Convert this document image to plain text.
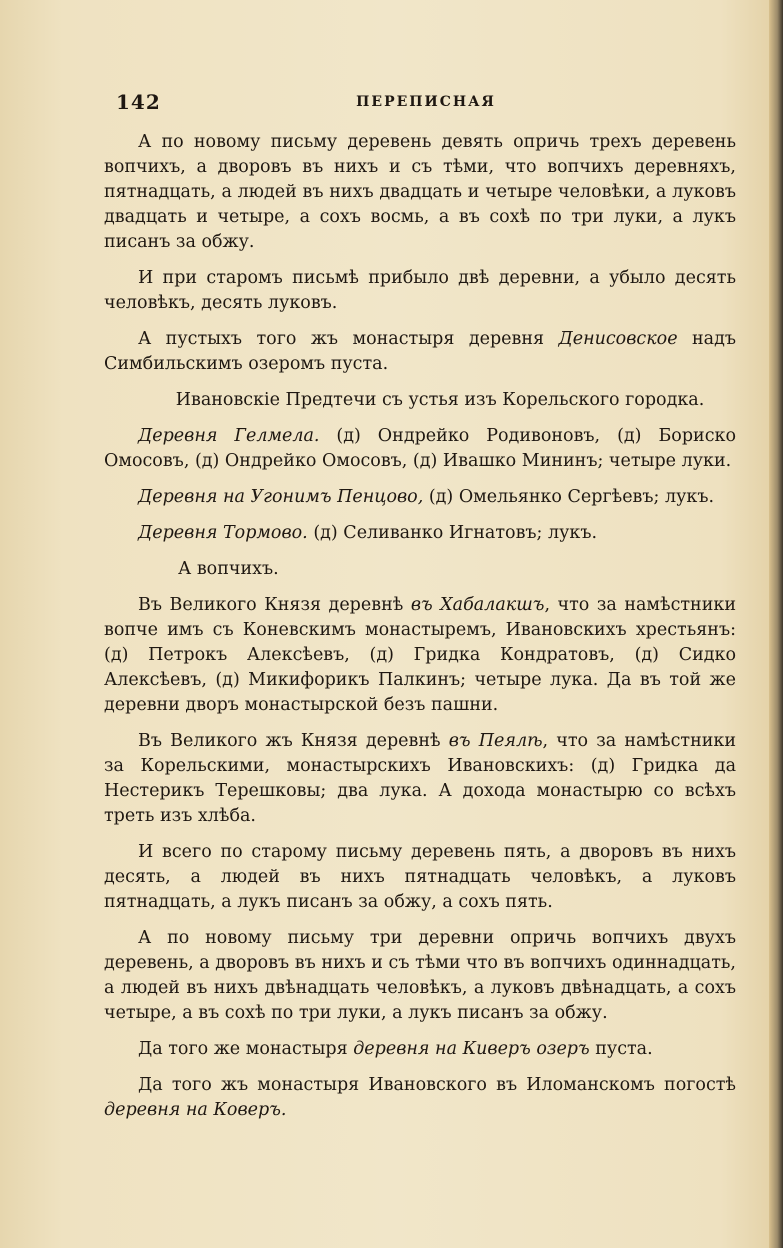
142	ПЕРЕПИСНАЯ

А по новому письму деревень девять опричь трехъ деревень вопчихъ, а дворовъ въ нихъ и съ тѣми, что вопчихъ деревняхъ, пятнадцать, а людей въ нихъ двадцать и четыре человѣки, а луковъ двадцать и четыре, а сохъ восмь, а въ сохѣ по три луки, а лукъ писанъ за обжу.

И при старомъ письмѣ прибыло двѣ деревни, а убыло десять человѣкъ, десять луковъ.

А пустыхъ того жъ монастыря деревня Денисовское надъ Симбильскимъ озеромъ пуста.

Ивановскіе Предтечи съ устья изъ Корельского городка.

Деревня Гелмела. (д) Ондрейко Родивоновъ, (д) Бориско Омосовъ, (д) Ондрейко Омосовъ, (д) Ивашко Мининъ; четыре луки.

Деревня на Угонимъ Пенцово, (д) Омельянко Сергѣевъ; лукъ.

Деревня Тормово. (д) Селиванко Игнатовъ; лукъ.

А вопчихъ.

Въ Великого Князя деревнѣ въ Хабалакшъ, что за намѣстники вопче имъ съ Коневскимъ монастыремъ, Ивановскихъ хрестьянъ: (д) Петрокъ Алексѣевъ, (д) Гридка Кондратовъ, (д) Сидко Алексѣевъ, (д) Микифорикъ Палкинъ; четыре лука. Да въ той же деревни дворъ монастырской безъ пашни.

Въ Великого жъ Князя деревнѣ въ Пеялѣ, что за намѣстники за Корельскими, монастырскихъ Ивановскихъ: (д) Гридка да Нестерикъ Терешковы; два лука. А дохода монастырю со всѣхъ треть изъ хлѣба.

И всего по старому письму деревень пять, а дворовъ въ нихъ десять, а людей въ нихъ пятнадцать человѣкъ, а луковъ пятнадцать, а лукъ писанъ за обжу, а сохъ пять.

А по новому письму три деревни опричь вопчихъ двухъ деревень, а дворовъ въ нихъ и съ тѣми что въ вопчихъ одиннадцать, а людей въ нихъ двѣнадцать человѣкъ, а луковъ двѣнадцать, а сохъ четыре, а въ сохѣ по три луки, а лукъ писанъ за обжу.

Да того же монастыря деревня на Киверъ озеръ пуста.

Да того жъ монастыря Ивановского въ Иломанскомъ погостѣ деревня на Коверъ.
